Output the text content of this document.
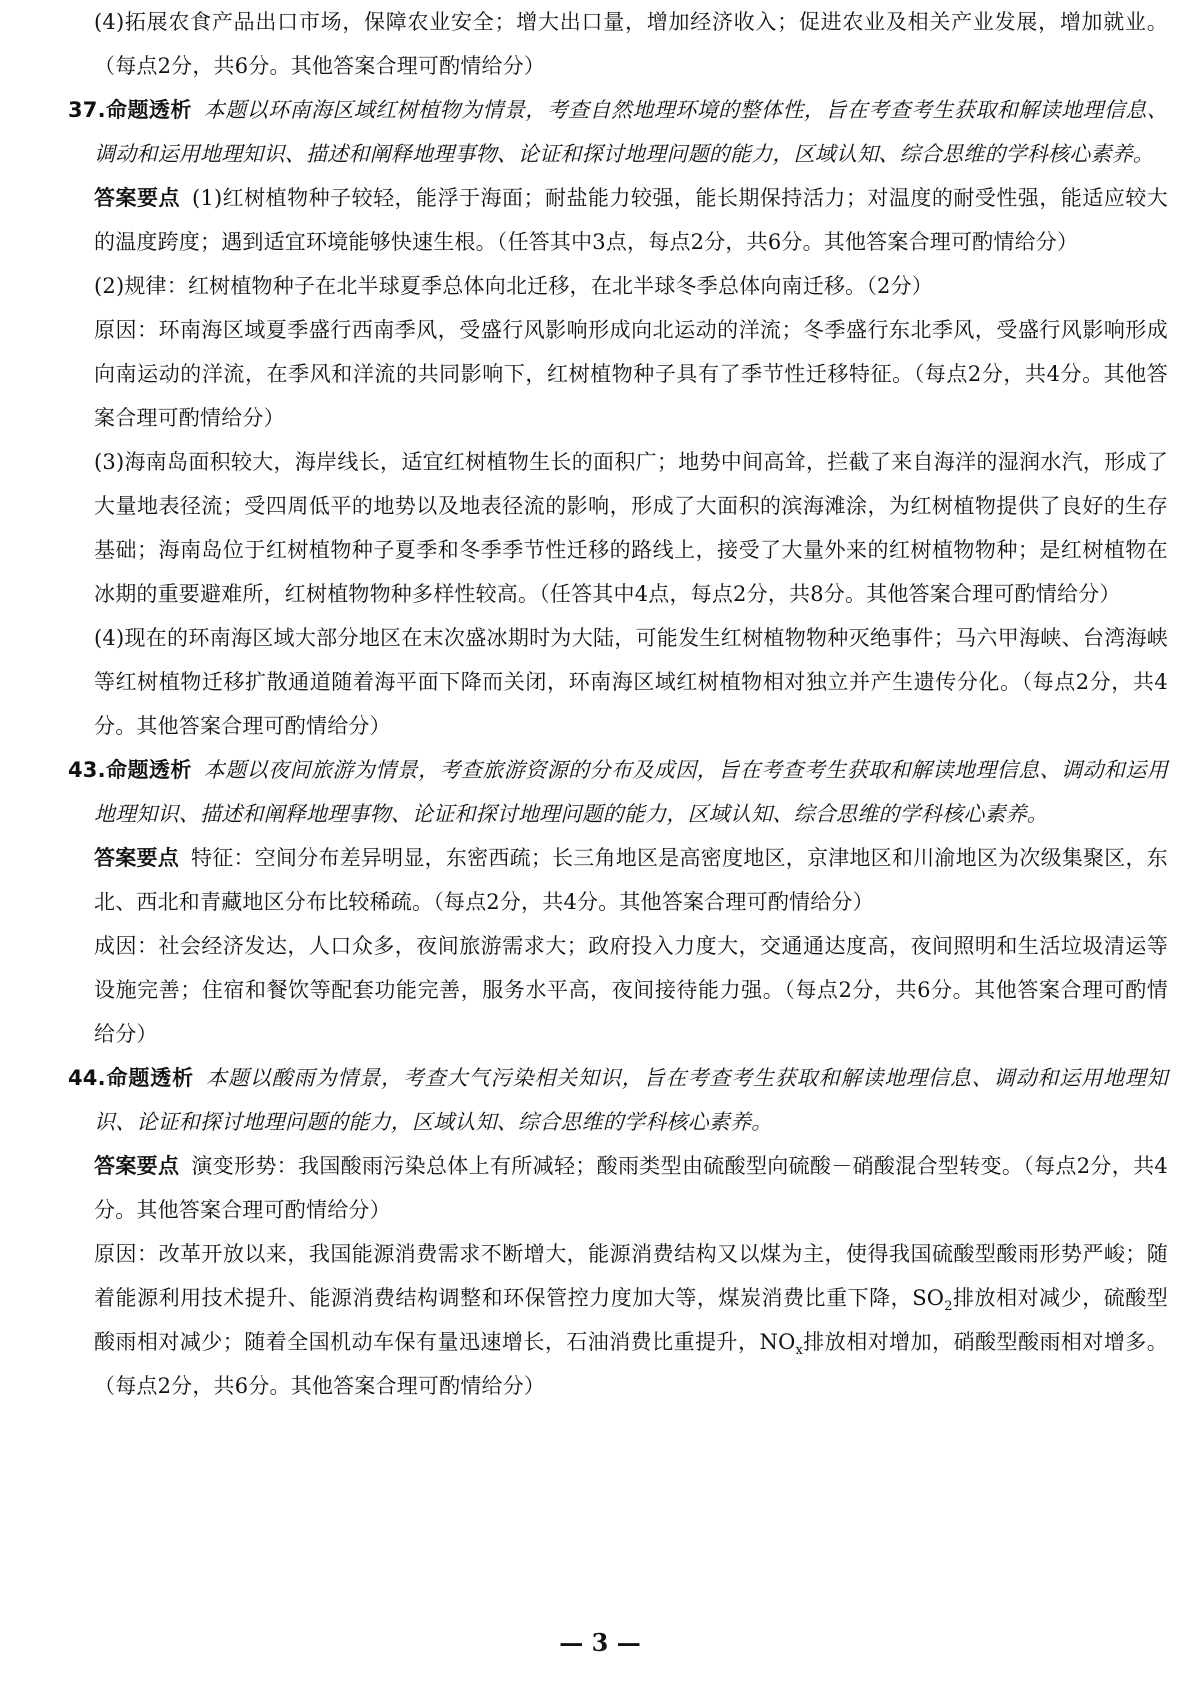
(4)拓展农食产品出口市场，保障农业安全；增大出口量，增加经济收入；促进农业及相关产业发展，增加就业。（每点2分，共6分。其他答案合理可酌情给分）

37.命题透析 本题以环南海区域红树植物为情景，考查自然地理环境的整体性，旨在考查考生获取和解读地理信息、调动和运用地理知识、描述和阐释地理事物、论证和探讨地理问题的能力，区域认知、综合思维的学科核心素养。

答案要点 (1)红树植物种子较轻，能浮于海面；耐盐能力较强，能长期保持活力；对温度的耐受性强，能适应较大的温度跨度；遇到适宜环境能够快速生根。（任答其中3点，每点2分，共6分。其他答案合理可酌情给分）

(2)规律：红树植物种子在北半球夏季总体向北迁移，在北半球冬季总体向南迁移。（2分）

原因：环南海区域夏季盛行西南季风，受盛行风影响形成向北运动的洋流；冬季盛行东北季风，受盛行风影响形成向南运动的洋流，在季风和洋流的共同影响下，红树植物种子具有了季节性迁移特征。（每点2分，共4分。其他答案合理可酌情给分）

(3)海南岛面积较大，海岸线长，适宜红树植物生长的面积广；地势中间高耸，拦截了来自海洋的湿润水汽，形成了大量地表径流；受四周低平的地势以及地表径流的影响，形成了大面积的滨海滩涂，为红树植物提供了良好的生存基础；海南岛位于红树植物种子夏季和冬季季节性迁移的路线上，接受了大量外来的红树植物物种；是红树植物在冰期的重要避难所，红树植物物种多样性较高。（任答其中4点，每点2分，共8分。其他答案合理可酌情给分）

(4)现在的环南海区域大部分地区在末次盛冰期时为大陆，可能发生红树植物物种灭绝事件；马六甲海峡、台湾海峡等红树植物迁移扩散通道随着海平面下降而关闭，环南海区域红树植物相对独立并产生遗传分化。（每点2分，共4分。其他答案合理可酌情给分）

43.命题透析 本题以夜间旅游为情景，考查旅游资源的分布及成因，旨在考查考生获取和解读地理信息、调动和运用地理知识、描述和阐释地理事物、论证和探讨地理问题的能力，区域认知、综合思维的学科核心素养。

答案要点 特征：空间分布差异明显，东密西疏；长三角地区是高密度地区，京津地区和川渝地区为次级集聚区，东北、西北和青藏地区分布比较稀疏。（每点2分，共4分。其他答案合理可酌情给分）

成因：社会经济发达，人口众多，夜间旅游需求大；政府投入力度大，交通通达度高，夜间照明和生活垃圾清运等设施完善；住宿和餐饮等配套功能完善，服务水平高，夜间接待能力强。（每点2分，共6分。其他答案合理可酌情给分）

44.命题透析 本题以酸雨为情景，考查大气污染相关知识，旨在考查考生获取和解读地理信息、调动和运用地理知识、论证和探讨地理问题的能力，区域认知、综合思维的学科核心素养。

答案要点 演变形势：我国酸雨污染总体上有所减轻；酸雨类型由硫酸型向硫酸－硝酸混合型转变。（每点2分，共4分。其他答案合理可酌情给分）

原因：改革开放以来，我国能源消费需求不断增大，能源消费结构又以煤为主，使得我国硫酸型酸雨形势严峻；随着能源利用技术提升、能源消费结构调整和环保管控力度加大等，煤炭消费比重下降，$SO_2$排放相对减少，硫酸型酸雨相对减少；随着全国机动车保有量迅速增长，石油消费比重提升，$NO_x$排放相对增加，硝酸型酸雨相对增多。（每点2分，共6分。其他答案合理可酌情给分）

— 3 —
